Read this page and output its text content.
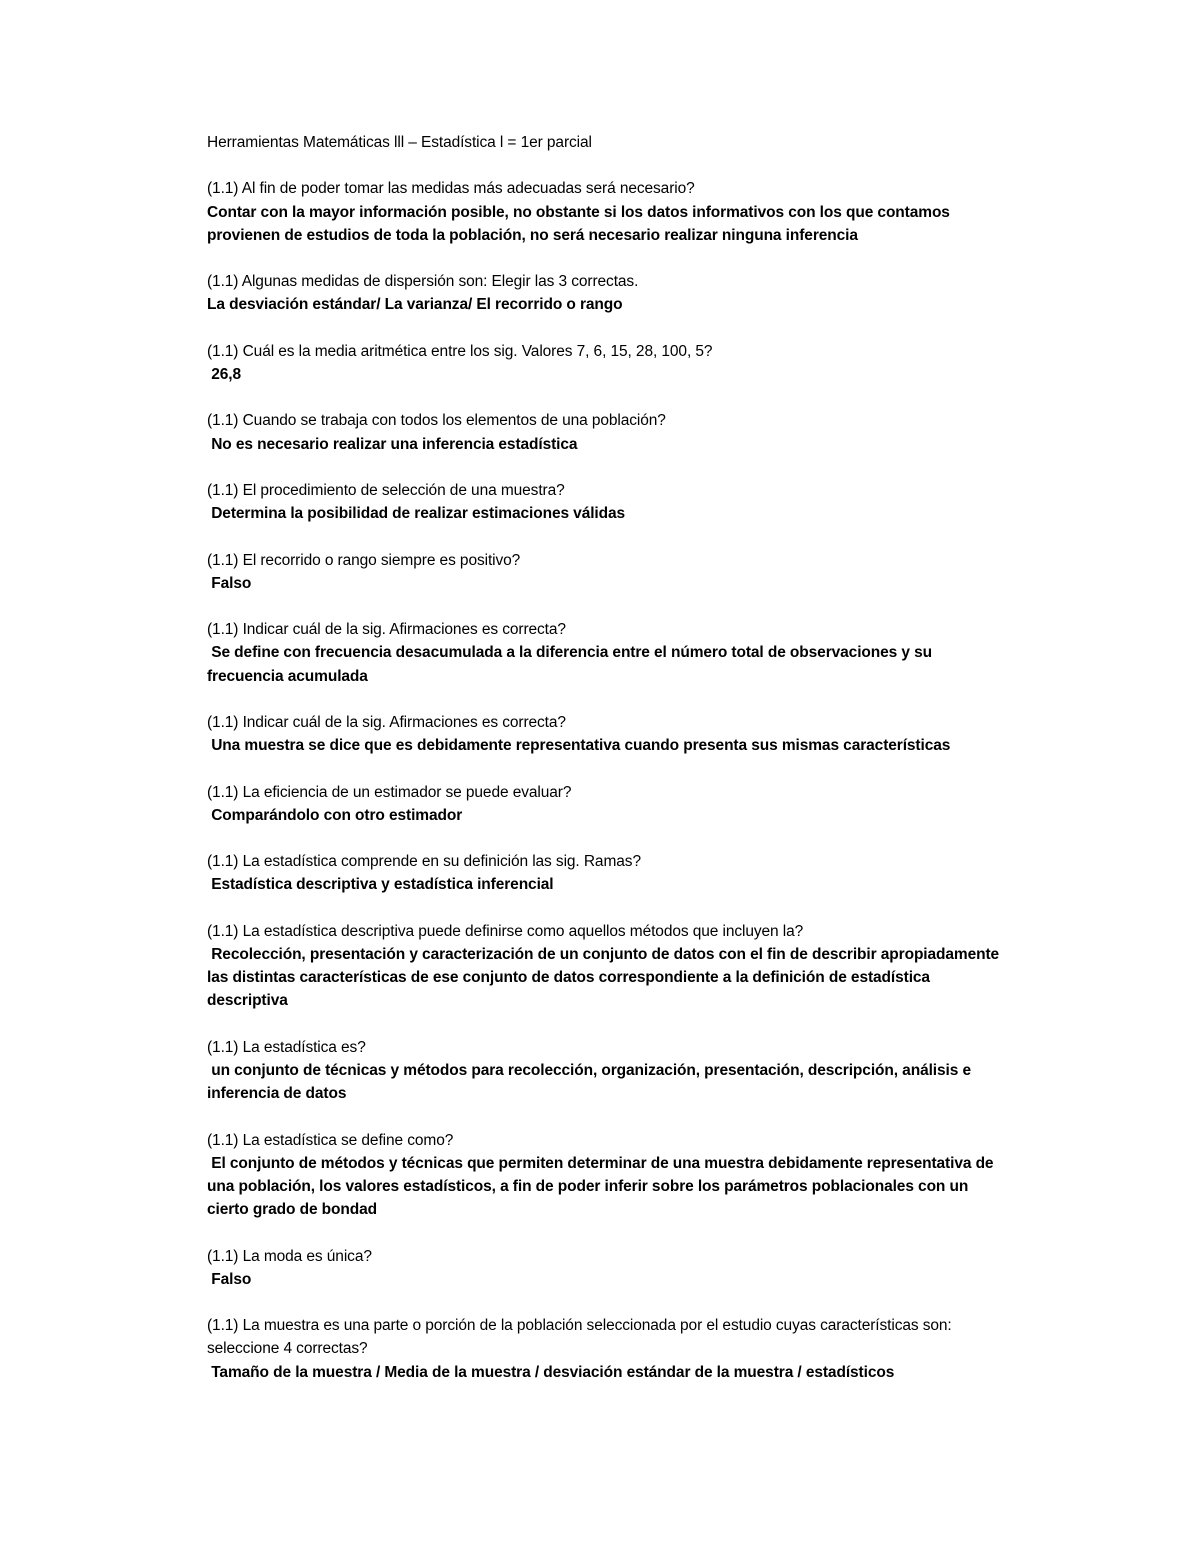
Herramientas Matemáticas lll – Estadística l = 1er parcial
(1.1) Al fin de poder tomar las medidas más adecuadas será necesario?
Contar con la mayor información posible, no obstante si los datos informativos con los que contamos provienen de estudios de toda la población, no será necesario realizar ninguna inferencia
(1.1) Algunas medidas de dispersión son: Elegir las 3 correctas.
La desviación estándar/ La varianza/ El recorrido o rango
(1.1) Cuál es la media aritmética entre los sig. Valores 7, 6, 15, 28, 100, 5?
26,8
(1.1) Cuando se trabaja con todos los elementos de una población?
No es necesario realizar una inferencia estadística
(1.1) El procedimiento de selección de una muestra?
Determina la posibilidad de realizar estimaciones válidas
(1.1) El recorrido o rango siempre es positivo?
Falso
(1.1) Indicar cuál de la sig. Afirmaciones es correcta?
Se define con frecuencia desacumulada a la diferencia entre el número total de observaciones y su frecuencia acumulada
(1.1) Indicar cuál de la sig. Afirmaciones es correcta?
Una muestra se dice que es debidamente representativa cuando presenta sus mismas características
(1.1) La eficiencia de un estimador se puede evaluar?
Comparándolo con otro estimador
(1.1) La estadística comprende en su definición las sig. Ramas?
Estadística descriptiva y estadística inferencial
(1.1) La estadística descriptiva puede definirse como aquellos métodos que incluyen la?
Recolección, presentación y caracterización de un conjunto de datos con el fin de describir apropiadamente las distintas características de ese conjunto de datos correspondiente a la definición de estadística descriptiva
(1.1) La estadística es?
un conjunto de técnicas y métodos para recolección, organización, presentación, descripción, análisis e inferencia de datos
(1.1) La estadística se define como?
El conjunto de métodos y técnicas que permiten determinar de una muestra debidamente representativa de una población, los valores estadísticos, a fin de poder inferir sobre los parámetros poblacionales con un cierto grado de bondad
(1.1) La moda es única?
Falso
(1.1) La muestra es una parte o porción de la población seleccionada por el estudio cuyas características son: seleccione 4 correctas?
Tamaño de la muestra / Media de la muestra / desviación estándar de la muestra / estadísticos
